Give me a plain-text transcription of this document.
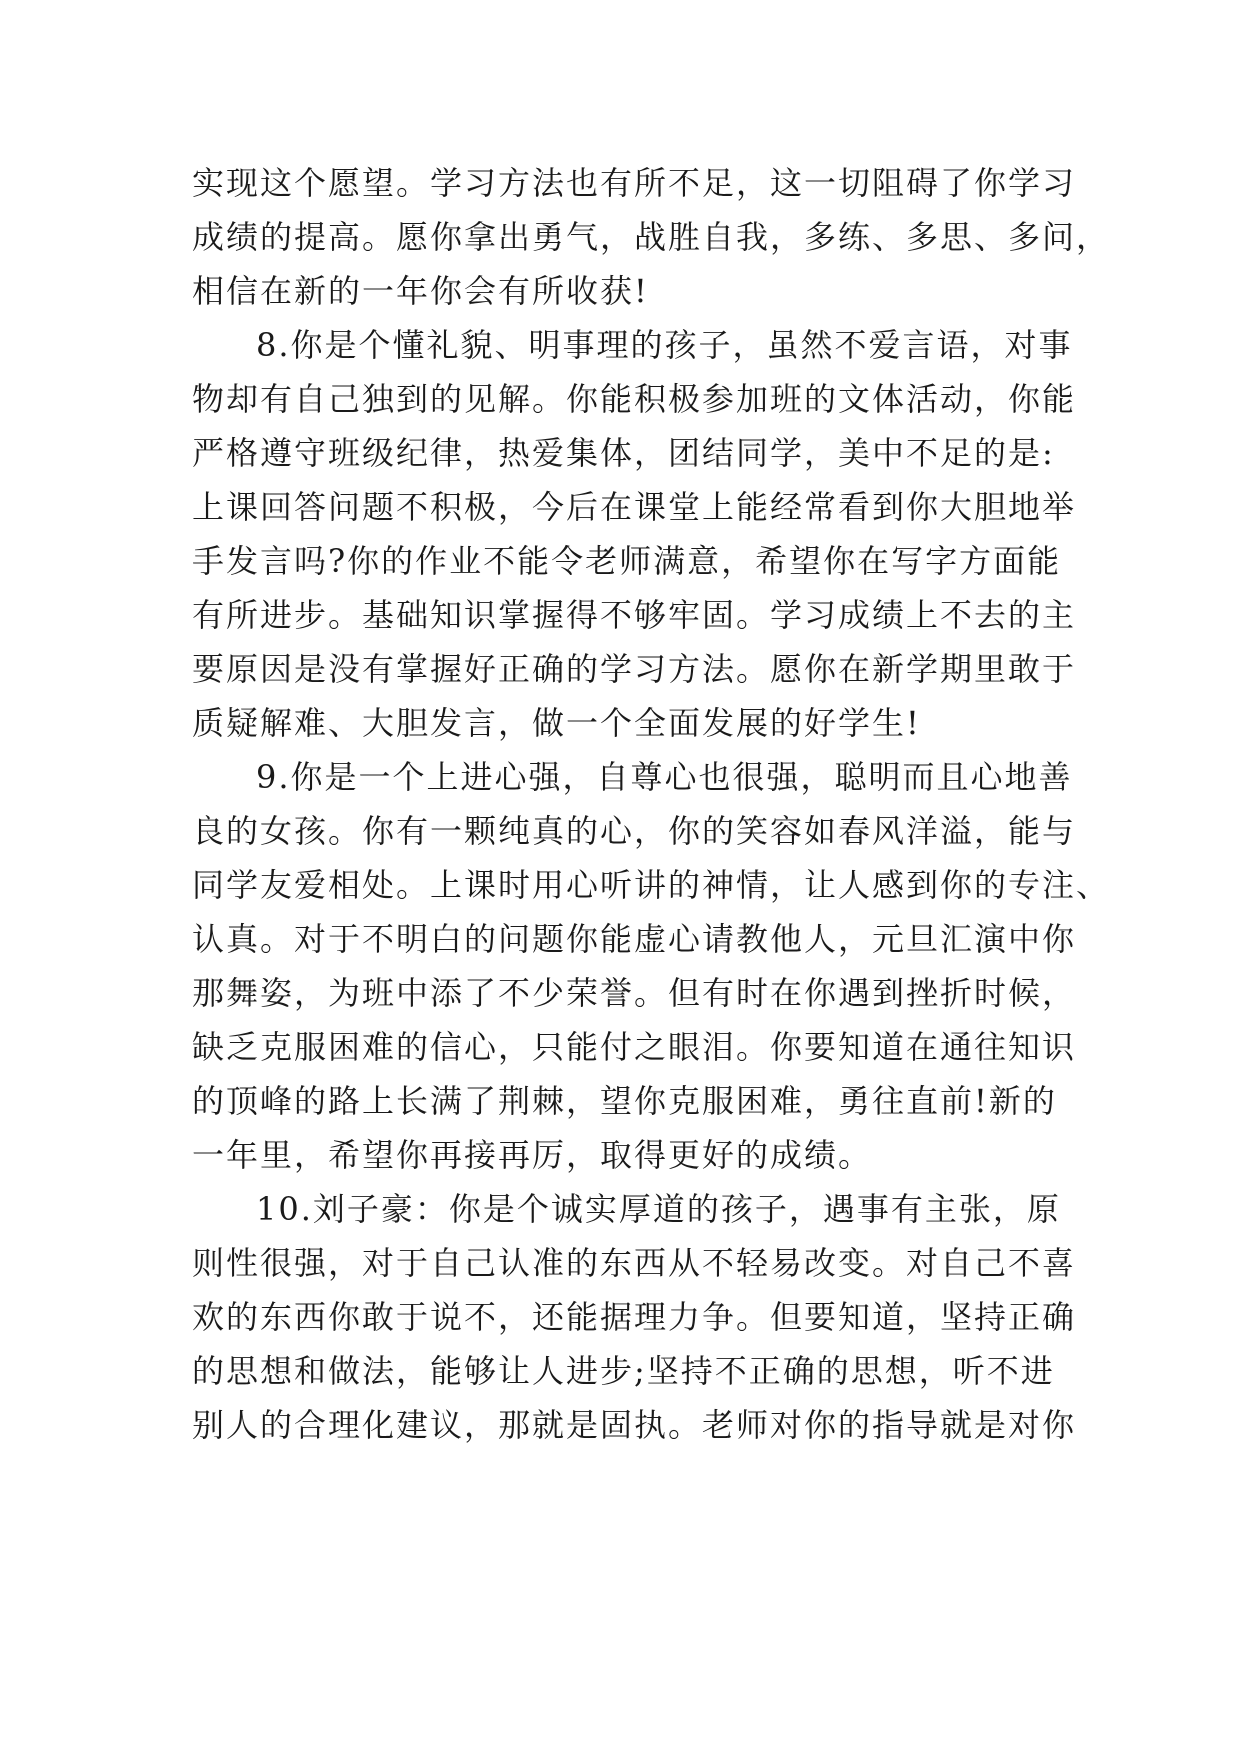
实现这个愿望。学习方法也有所不足，这一切阻碍了你学习
成绩的提高。愿你拿出勇气，战胜自我，多练、多思、多问，
相信在新的一年你会有所收获!
8.你是个懂礼貌、明事理的孩子，虽然不爱言语，对事
物却有自己独到的见解。你能积极参加班的文体活动，你能
严格遵守班级纪律，热爱集体，团结同学，美中不足的是:
上课回答问题不积极，今后在课堂上能经常看到你大胆地举
手发言吗?你的作业不能令老师满意，希望你在写字方面能
有所进步。基础知识掌握得不够牢固。学习成绩上不去的主
要原因是没有掌握好正确的学习方法。愿你在新学期里敢于
质疑解难、大胆发言，做一个全面发展的好学生!
9.你是一个上进心强，自尊心也很强，聪明而且心地善
良的女孩。你有一颗纯真的心，你的笑容如春风洋溢，能与
同学友爱相处。上课时用心听讲的神情，让人感到你的专注、
认真。对于不明白的问题你能虚心请教他人，元旦汇演中你
那舞姿，为班中添了不少荣誉。但有时在你遇到挫折时候，
缺乏克服困难的信心，只能付之眼泪。你要知道在通往知识
的顶峰的路上长满了荆棘，望你克服困难，勇往直前!新的
一年里，希望你再接再厉，取得更好的成绩。
10.刘子豪：你是个诚实厚道的孩子，遇事有主张，原
则性很强，对于自己认准的东西从不轻易改变。对自己不喜
欢的东西你敢于说不，还能据理力争。但要知道，坚持正确
的思想和做法，能够让人进步;坚持不正确的思想，听不进
别人的合理化建议，那就是固执。老师对你的指导就是对你
